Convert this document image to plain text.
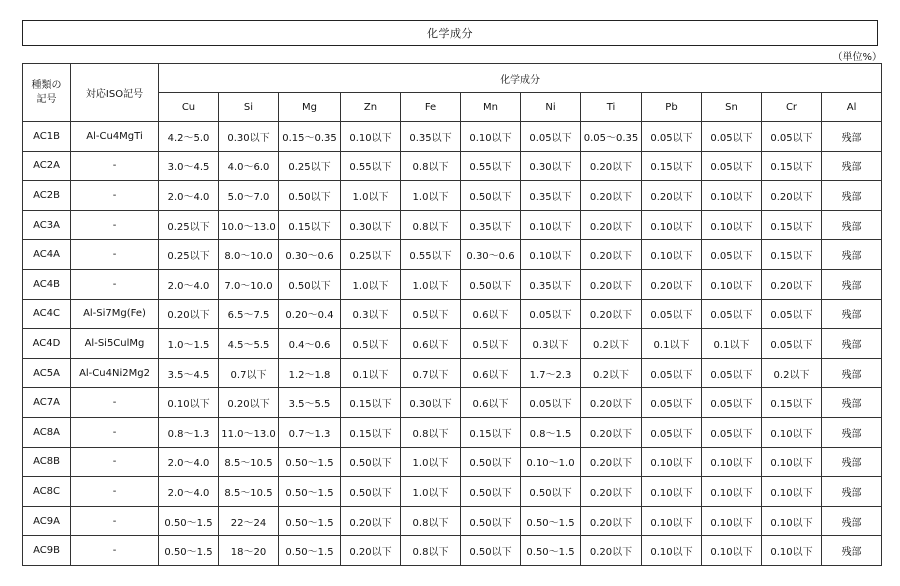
化学成分
（単位%）
種類の
記号	対応ISO記号	化学成分											
		Cu	Si	Mg	Zn	Fe	Mn	Ni	Ti	Pb	Sn	Cr	Al
AC1B	Al-Cu4MgTi	4.2～5.0	0.30以下	0.15～0.35	0.10以下	0.35以下	0.10以下	0.05以下	0.05～0.35	0.05以下	0.05以下	0.05以下	残部
AC2A	-	3.0～4.5	4.0～6.0	0.25以下	0.55以下	0.8以下	0.55以下	0.30以下	0.20以下	0.15以下	0.05以下	0.15以下	残部
AC2B	-	2.0～4.0	5.0～7.0	0.50以下	1.0以下	1.0以下	0.50以下	0.35以下	0.20以下	0.20以下	0.10以下	0.20以下	残部
AC3A	-	0.25以下	10.0～13.0	0.15以下	0.30以下	0.8以下	0.35以下	0.10以下	0.20以下	0.10以下	0.10以下	0.15以下	残部
AC4A	-	0.25以下	8.0～10.0	0.30～0.6	0.25以下	0.55以下	0.30～0.6	0.10以下	0.20以下	0.10以下	0.05以下	0.15以下	残部
AC4B	-	2.0～4.0	7.0～10.0	0.50以下	1.0以下	1.0以下	0.50以下	0.35以下	0.20以下	0.20以下	0.10以下	0.20以下	残部
AC4C	Al-Si7Mg(Fe)	0.20以下	6.5～7.5	0.20～0.4	0.3以下	0.5以下	0.6以下	0.05以下	0.20以下	0.05以下	0.05以下	0.05以下	残部
AC4D	Al-Si5CulMg	1.0～1.5	4.5～5.5	0.4～0.6	0.5以下	0.6以下	0.5以下	0.3以下	0.2以下	0.1以下	0.1以下	0.05以下	残部
AC5A	Al-Cu4Ni2Mg2	3.5～4.5	0.7以下	1.2～1.8	0.1以下	0.7以下	0.6以下	1.7～2.3	0.2以下	0.05以下	0.05以下	0.2以下	残部
AC7A	-	0.10以下	0.20以下	3.5～5.5	0.15以下	0.30以下	0.6以下	0.05以下	0.20以下	0.05以下	0.05以下	0.15以下	残部
AC8A	-	0.8～1.3	11.0～13.0	0.7～1.3	0.15以下	0.8以下	0.15以下	0.8～1.5	0.20以下	0.05以下	0.05以下	0.10以下	残部
AC8B	-	2.0～4.0	8.5～10.5	0.50～1.5	0.50以下	1.0以下	0.50以下	0.10～1.0	0.20以下	0.10以下	0.10以下	0.10以下	残部
AC8C	-	2.0～4.0	8.5～10.5	0.50～1.5	0.50以下	1.0以下	0.50以下	0.50以下	0.20以下	0.10以下	0.10以下	0.10以下	残部
AC9A	-	0.50～1.5	22～24	0.50～1.5	0.20以下	0.8以下	0.50以下	0.50～1.5	0.20以下	0.10以下	0.10以下	0.10以下	残部
AC9B	-	0.50～1.5	18～20	0.50～1.5	0.20以下	0.8以下	0.50以下	0.50～1.5	0.20以下	0.10以下	0.10以下	0.10以下	残部
